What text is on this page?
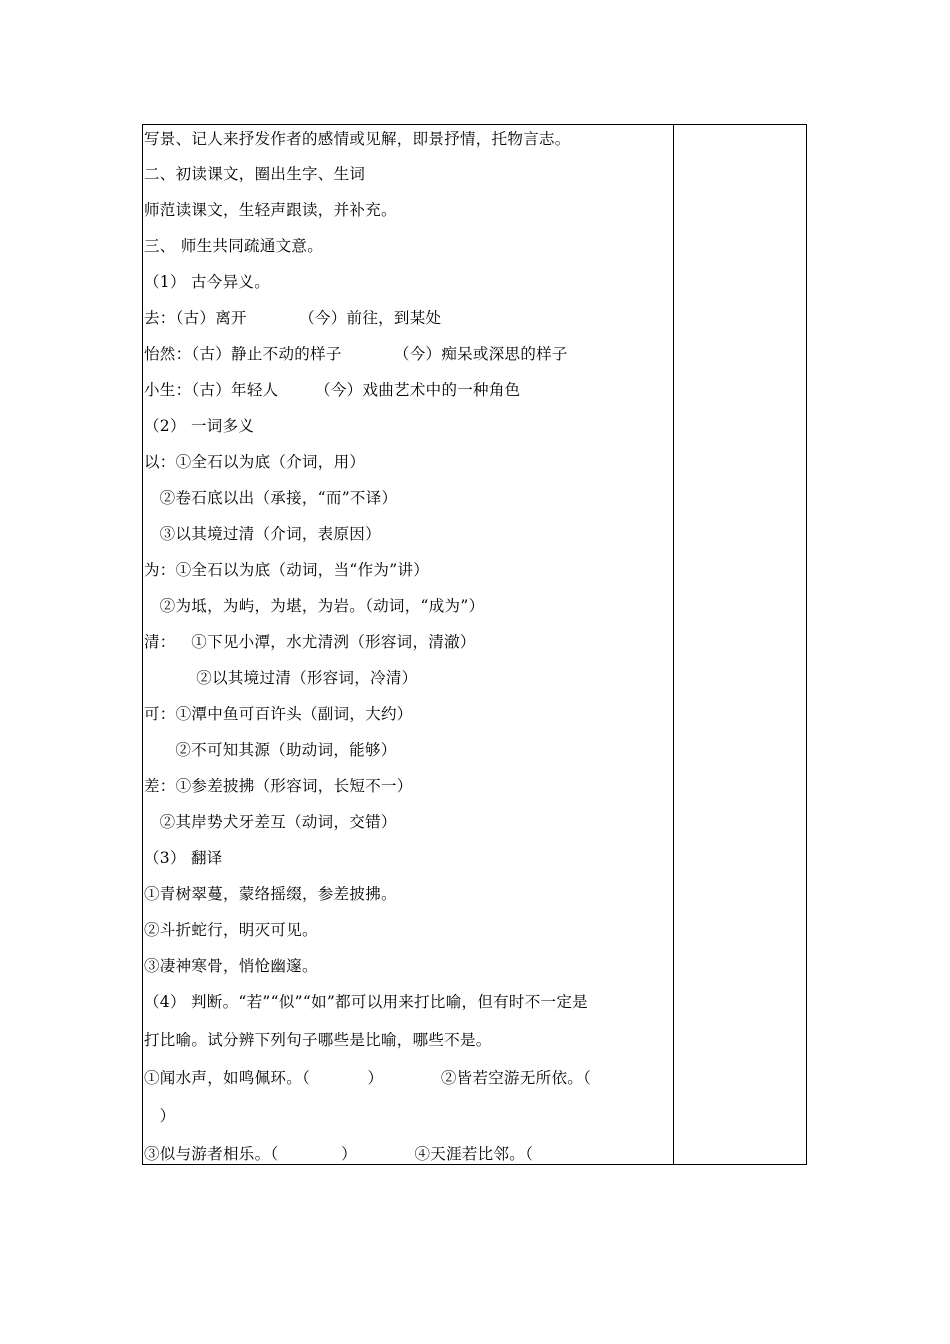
写景、记人来抒发作者的感情或见解，即景抒情，托物言志。
二、初读课文，圈出生字、生词
师范读课文，生轻声跟读，并补充。
三、 师生共同疏通文意。
（1） 古今异义。
去：（古）离开          （今）前往，到某处
怡然：（古）静止不动的样子          （今）痴呆或深思的样子
小生：（古）年轻人       （今）戏曲艺术中的一种角色
（2） 一词多义
以：①全石以为底（介词，用）
②卷石底以出（承接，“而”不译）
③以其境过清（介词，表原因）
为：①全石以为底（动词，当“作为”讲）
②为坻，为屿，为堪，为岩。（动词，“成为”）
清：   ①下见小潭，水尤清洌（形容词，清澈）
②以其境过清（形容词，冷清）
可：①潭中鱼可百许头（副词，大约）
②不可知其源（助动词，能够）
差：①参差披拂（形容词，长短不一）
②其岸势犬牙差互（动词，交错）
（3） 翻译
①青树翠蔓，蒙络摇缀，参差披拂。
②斗折蛇行，明灭可见。
③凄神寒骨，悄怆幽邃。
（4） 判断。“若”“似”“如”都可以用来打比喻，但有时不一定是
打比喻。试分辨下列句子哪些是比喻，哪些不是。
①闻水声，如鸣佩环。（           ）           ②皆若空游无所依。（
）
③似与游者相乐。（            ）           ④天涯若比邻。（
